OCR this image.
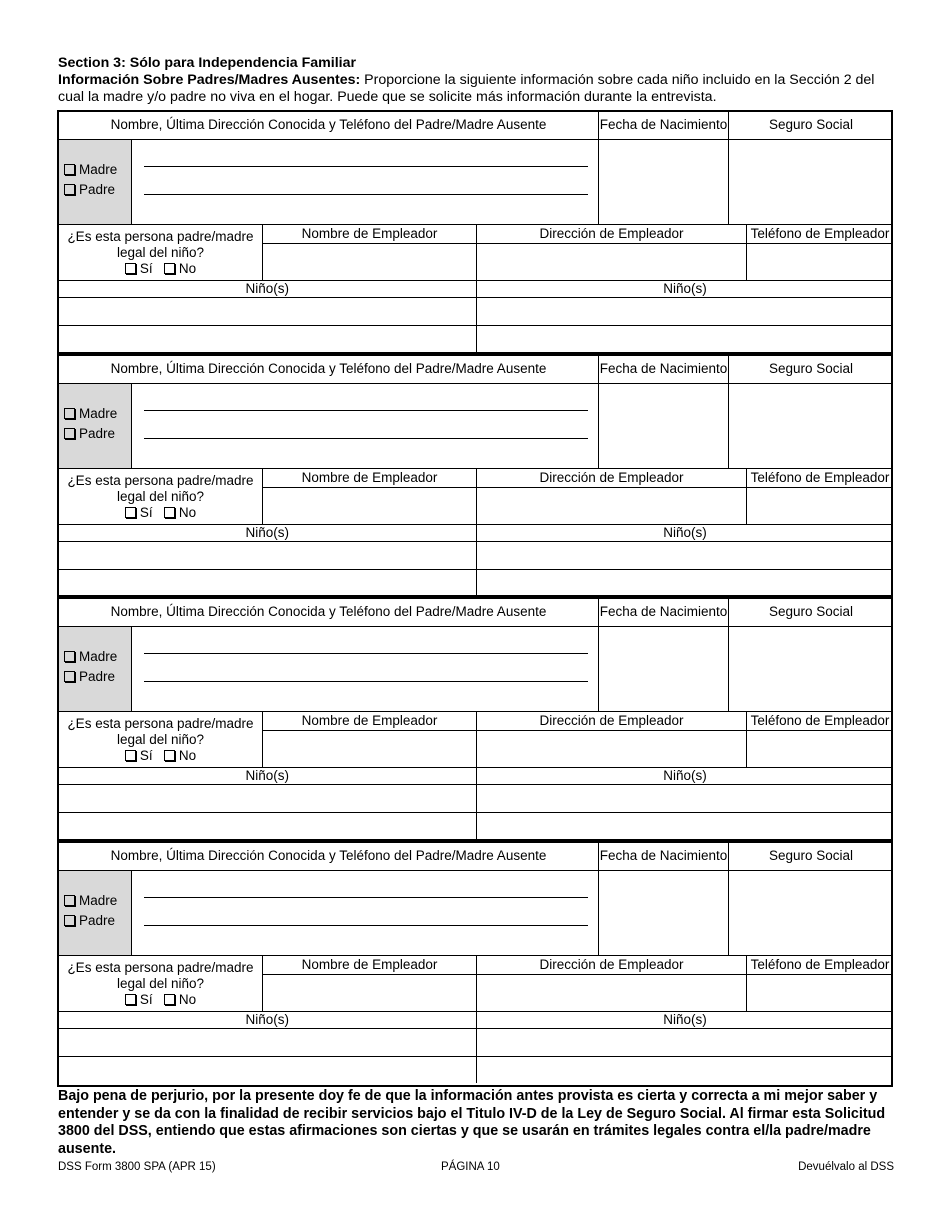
Section 3: Sólo para Independencia Familiar
Información Sobre Padres/Madres Ausentes: Proporcione la siguiente información sobre cada niño incluido en la Sección 2 del cual la madre y/o padre no viva en el hogar. Puede que se solicite más información durante la entrevista.
Nombre, Última Dirección Conocida y Teléfono del Padre/Madre Ausente	Fecha de Nacimiento	Seguro Social
Madre
Padre
¿Es esta persona padre/madre
legal del niño?
Sí No
Nombre de Empleador	Dirección de Empleador	Teléfono de Empleador
Niño(s)	Niño(s)
Nombre, Última Dirección Conocida y Teléfono del Padre/Madre Ausente	Fecha de Nacimiento	Seguro Social
Madre
Padre
¿Es esta persona padre/madre
legal del niño?
Sí No
Nombre de Empleador	Dirección de Empleador	Teléfono de Empleador
Niño(s)	Niño(s)
Nombre, Última Dirección Conocida y Teléfono del Padre/Madre Ausente	Fecha de Nacimiento	Seguro Social
Madre
Padre
¿Es esta persona padre/madre
legal del niño?
Sí No
Nombre de Empleador	Dirección de Empleador	Teléfono de Empleador
Niño(s)	Niño(s)
Nombre, Última Dirección Conocida y Teléfono del Padre/Madre Ausente	Fecha de Nacimiento	Seguro Social
Madre
Padre
¿Es esta persona padre/madre
legal del niño?
Sí No
Nombre de Empleador	Dirección de Empleador	Teléfono de Empleador
Niño(s)	Niño(s)
Bajo pena de perjurio, por la presente doy fe de que la información antes provista es cierta y correcta a mi mejor saber y entender y se da con la finalidad de recibir servicios bajo el Titulo IV-D de la Ley de Seguro Social. Al firmar esta Solicitud 3800 del DSS, entiendo que estas afirmaciones son ciertas y que se usarán en trámites legales contra el/la padre/madre ausente.
DSS Form 3800 SPA (APR 15)	PÁGINA 10	Devuélvalo al DSS
